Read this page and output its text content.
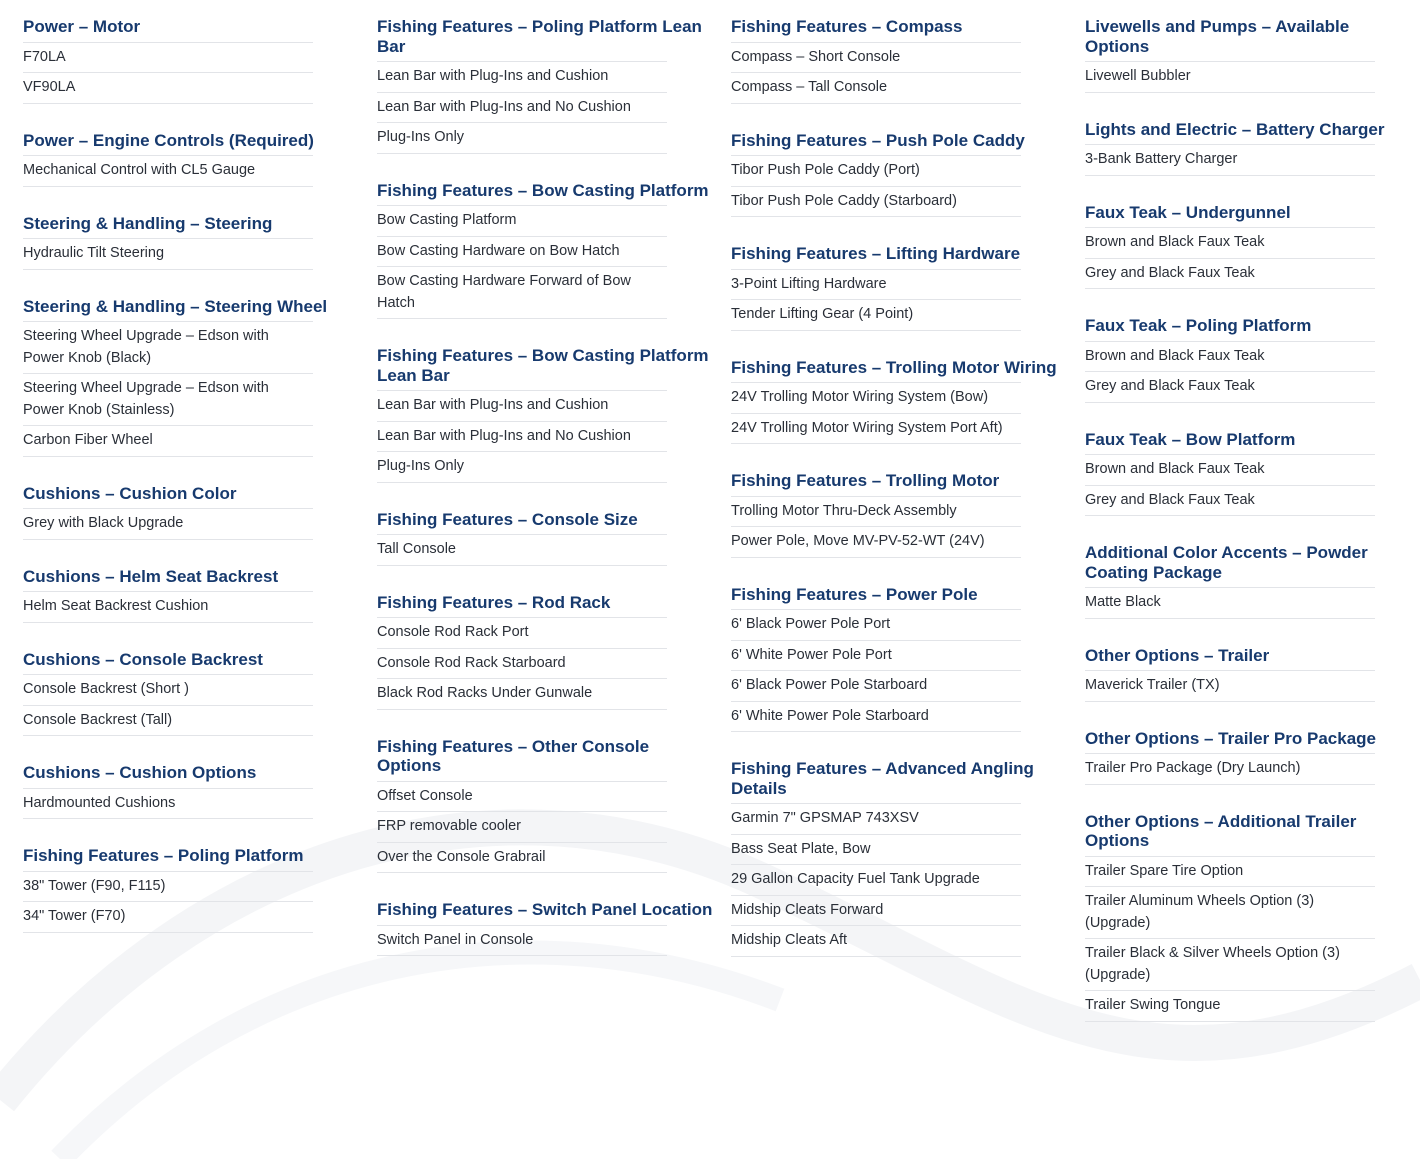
Power – Motor
F70LA
VF90LA
Power – Engine Controls (Required)
Mechanical Control with CL5 Gauge
Steering & Handling – Steering
Hydraulic Tilt Steering
Steering & Handling – Steering Wheel
Steering Wheel Upgrade – Edson with Power Knob (Black)
Steering Wheel Upgrade – Edson with Power Knob (Stainless)
Carbon Fiber Wheel
Cushions – Cushion Color
Grey with Black Upgrade
Cushions – Helm Seat Backrest
Helm Seat Backrest Cushion
Cushions – Console Backrest
Console Backrest (Short )
Console Backrest (Tall)
Cushions – Cushion Options
Hardmounted Cushions
Fishing Features – Poling Platform
38" Tower (F90, F115)
34" Tower (F70)
Fishing Features – Poling Platform Lean Bar
Lean Bar with Plug-Ins and Cushion
Lean Bar with Plug-Ins and No Cushion
Plug-Ins Only
Fishing Features – Bow Casting Platform
Bow Casting Platform
Bow Casting Hardware on Bow Hatch
Bow Casting Hardware Forward of Bow Hatch
Fishing Features – Bow Casting Platform Lean Bar
Lean Bar with Plug-Ins and Cushion
Lean Bar with Plug-Ins and No Cushion
Plug-Ins Only
Fishing Features – Console Size
Tall Console
Fishing Features – Rod Rack
Console Rod Rack Port
Console Rod Rack Starboard
Black Rod Racks Under Gunwale
Fishing Features – Other Console Options
Offset Console
FRP removable cooler
Over the Console Grabrail
Fishing Features – Switch Panel Location
Switch Panel in Console
Fishing Features – Compass
Compass – Short Console
Compass – Tall Console
Fishing Features – Push Pole Caddy
Tibor Push Pole Caddy (Port)
Tibor Push Pole Caddy (Starboard)
Fishing Features – Lifting Hardware
3-Point Lifting Hardware
Tender Lifting Gear (4 Point)
Fishing Features – Trolling Motor Wiring
24V Trolling Motor Wiring System (Bow)
24V Trolling Motor Wiring System Port Aft)
Fishing Features – Trolling Motor
Trolling Motor Thru-Deck Assembly
Power Pole, Move MV-PV-52-WT (24V)
Fishing Features – Power Pole
6' Black Power Pole Port
6' White Power Pole Port
6' Black Power Pole Starboard
6' White Power Pole Starboard
Fishing Features – Advanced Angling Details
Garmin 7" GPSMAP 743XSV
Bass Seat Plate, Bow
29 Gallon Capacity Fuel Tank Upgrade
Midship Cleats Forward
Midship Cleats Aft
Livewells and Pumps – Available Options
Livewell Bubbler
Lights and Electric – Battery Charger
3-Bank Battery Charger
Faux Teak – Undergunnel
Brown and Black Faux Teak
Grey and Black Faux Teak
Faux Teak – Poling Platform
Brown and Black Faux Teak
Grey and Black Faux Teak
Faux Teak – Bow Platform
Brown and Black Faux Teak
Grey and Black Faux Teak
Additional Color Accents – Powder Coating Package
Matte Black
Other Options – Trailer
Maverick Trailer (TX)
Other Options – Trailer Pro Package
Trailer Pro Package (Dry Launch)
Other Options – Additional Trailer Options
Trailer Spare Tire Option
Trailer Aluminum Wheels Option (3) (Upgrade)
Trailer Black & Silver Wheels Option (3) (Upgrade)
Trailer Swing Tongue
